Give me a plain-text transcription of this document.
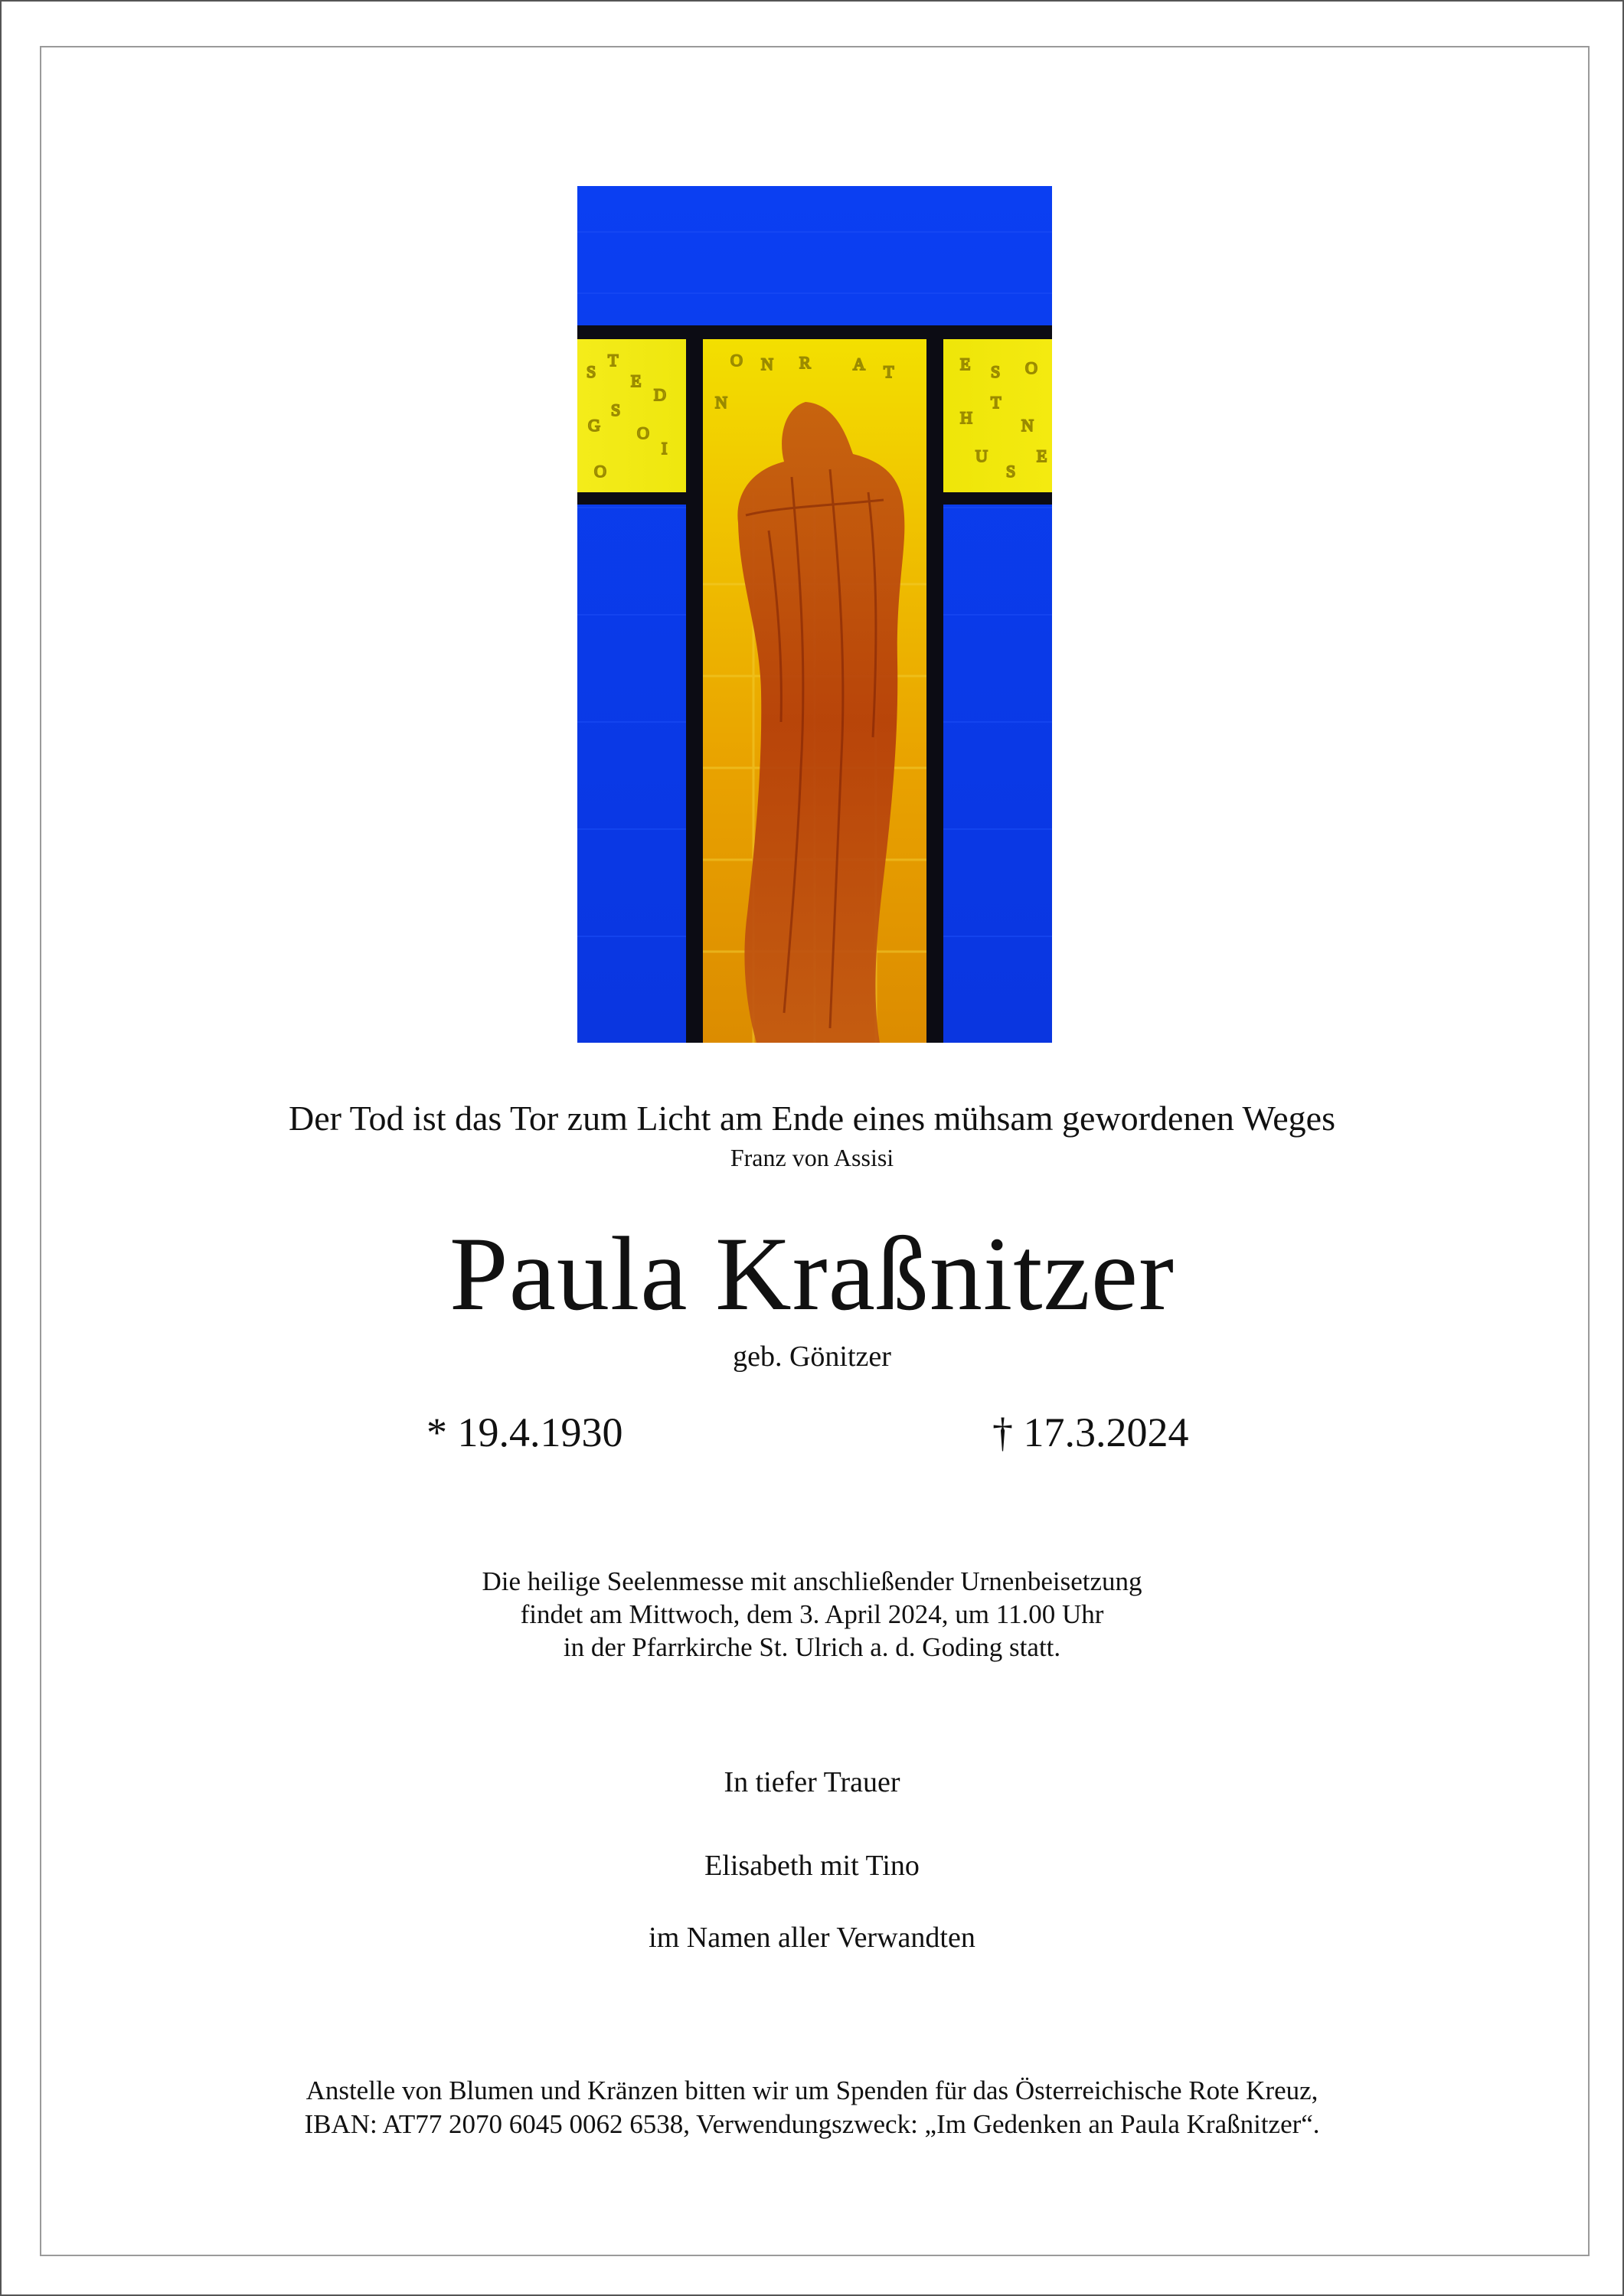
S
T
E
G
S
O
D
I
O
O N R	A T
N
E S O
H
T
N
U
S
E
Der Tod ist das Tor zum Licht am Ende eines mühsam gewordenen Weges
Franz von Assisi
Paula Kraßnitzer
geb. Gönitzer
* 19.4.1930	† 17.3.2024
Die heilige Seelenmesse mit anschließender Urnenbeisetzung
findet am Mittwoch, dem 3. April 2024, um 11.00 Uhr
in der Pfarrkirche St. Ulrich a. d. Goding statt.
In tiefer Trauer
Elisabeth mit Tino
im Namen aller Verwandten
Anstelle von Blumen und Kränzen bitten wir um Spenden für das Österreichische Rote Kreuz,
IBAN: AT77 2070 6045 0062 6538, Verwendungszweck: „Im Gedenken an Paula Kraßnitzer“.
